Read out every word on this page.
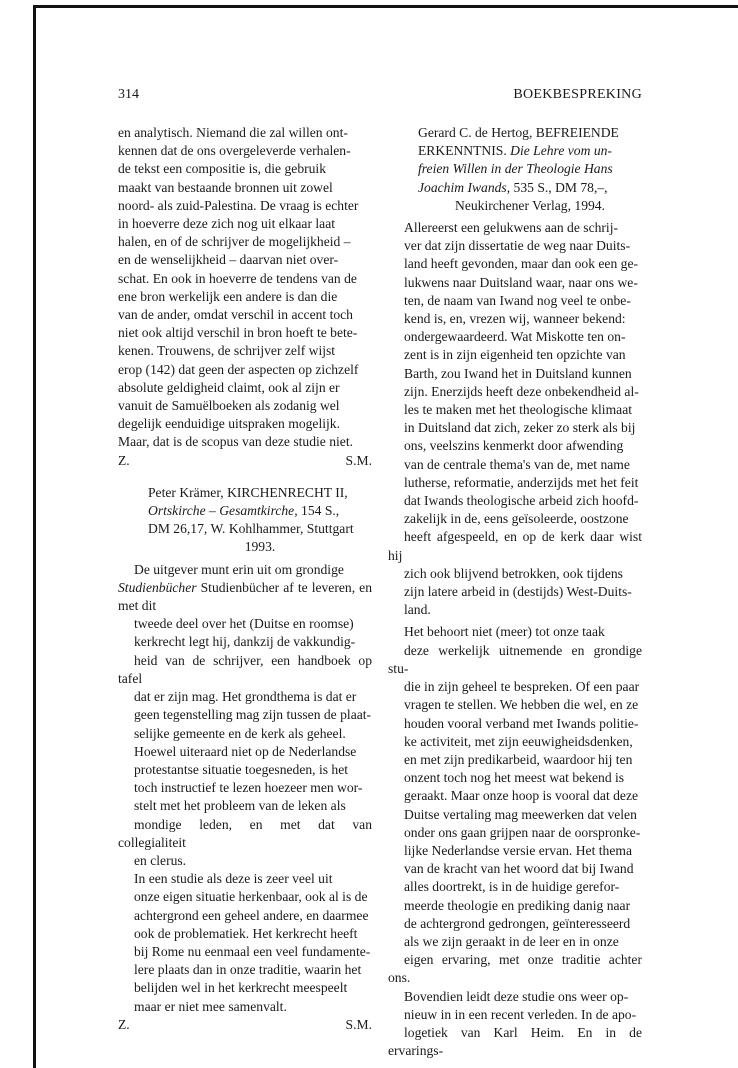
314	BOEKBESPREKING

en analytisch. Niemand die zal willen ont-
kennen dat de ons overgeleverde verhalen-
de tekst een compositie is, die gebruik
maakt van bestaande bronnen uit zowel
noord- als zuid-Palestina. De vraag is echter
in hoeverre deze zich nog uit elkaar laat
halen, en of de schrijver de mogelijkheid –
en de wenselijkheid – daarvan niet over-
schat. En ook in hoeverre de tendens van de
ene bron werkelijk een andere is dan die
van de ander, omdat verschil in accent toch
niet ook altijd verschil in bron hoeft te bete-
kenen. Trouwens, de schrijver zelf wijst
erop (142) dat geen der aspecten op zichzelf
absolute geldigheid claimt, ook al zijn er
vanuit de Samuëlboeken als zodanig wel
degelijk eenduidige uitspraken mogelijk.
Maar, dat is de scopus van deze studie niet.

Z.	S.M.
Peter Krämer, KIRCHENRECHT II,
Ortskirche – Gesamtkirche, 154 S.,
DM 26,17, W. Kohlhammer, Stuttgart
1993.

De uitgever munt erin uit om grondige
Studienbücher Studienbücher af te leveren, en met dit

tweede deel over het (Duitse en roomse)
kerkrecht legt hij, dankzij de vakkundig-
heid van de schrijver, een handboek op tafel
dat er zijn mag. Het grondthema is dat er
geen tegenstelling mag zijn tussen de plaat-
selijke gemeente en de kerk als geheel.
Hoewel uiteraard niet op de Nederlandse
protestantse situatie toegesneden, is het
toch instructief te lezen hoezeer men wor-
stelt met het probleem van de leken als
mondige leden, en met dat van collegialiteit
en clerus.

In een studie als deze is zeer veel uit
onze eigen situatie herkenbaar, ook al is de
achtergrond een geheel andere, en daarmee
ook de problematiek. Het kerkrecht heeft
bij Rome nu eenmaal een veel fundamente-
lere plaats dan in onze traditie, waarin het
belijden wel in het kerkrecht meespeelt
maar er niet mee samenvalt.

Z.	S.M.
Gerard C. de Hertog, BEFREIENDE
ERKENNTNIS. Die Lehre vom un-
freien Willen in der Theologie Hans
Joachim Iwands, 535 S., DM 78,–,
Neukirchener Verlag, 1994.

Allereerst een gelukwens aan de schrij-
ver dat zijn dissertatie de weg naar Duits-
land heeft gevonden, maar dan ook een ge-
lukwens naar Duitsland waar, naar ons we-
ten, de naam van Iwand nog veel te onbe-
kend is, en, vrezen wij, wanneer bekend:
ondergewaardeerd. Wat Miskotte ten on-
zent is in zijn eigenheid ten opzichte van
Barth, zou Iwand het in Duitsland kunnen
zijn. Enerzijds heeft deze onbekendheid al-
les te maken met het theologische klimaat
in Duitsland dat zich, zeker zo sterk als bij
ons, veelszins kenmerkt door afwending
van de centrale thema's van de, met name
lutherse, reformatie, anderzijds met het feit
dat Iwands theologische arbeid zich hoofd-
zakelijk in de, eens geïsoleerde, oostzone
heeft afgespeeld, en op de kerk daar wist hij
zich ook blijvend betrokken, ook tijdens
zijn latere arbeid in (destijds) West-Duits-
land.

Het behoort niet (meer) tot onze taak
deze werkelijk uitnemende en grondige stu-
die in zijn geheel te bespreken. Of een paar
vragen te stellen. We hebben die wel, en ze
houden vooral verband met Iwands politie-
ke activiteit, met zijn eeuwigheidsdenken,
en met zijn predikarbeid, waardoor hij ten
onzent toch nog het meest wat bekend is
geraakt. Maar onze hoop is vooral dat deze
Duitse vertaling mag meewerken dat velen
onder ons gaan grijpen naar de oorspronke-
lijke Nederlandse versie ervan. Het thema
van de kracht van het woord dat bij Iwand
alles doortrekt, is in de huidige gerefor-
meerde theologie en prediking danig naar
de achtergrond gedrongen, geïnteresseerd
als we zijn geraakt in de leer en in onze
eigen ervaring, met onze traditie achter ons.

Bovendien leidt deze studie ons weer op-
nieuw in in een recent verleden. In de apo-
logetiek van Karl Heim. En in de ervarings-
